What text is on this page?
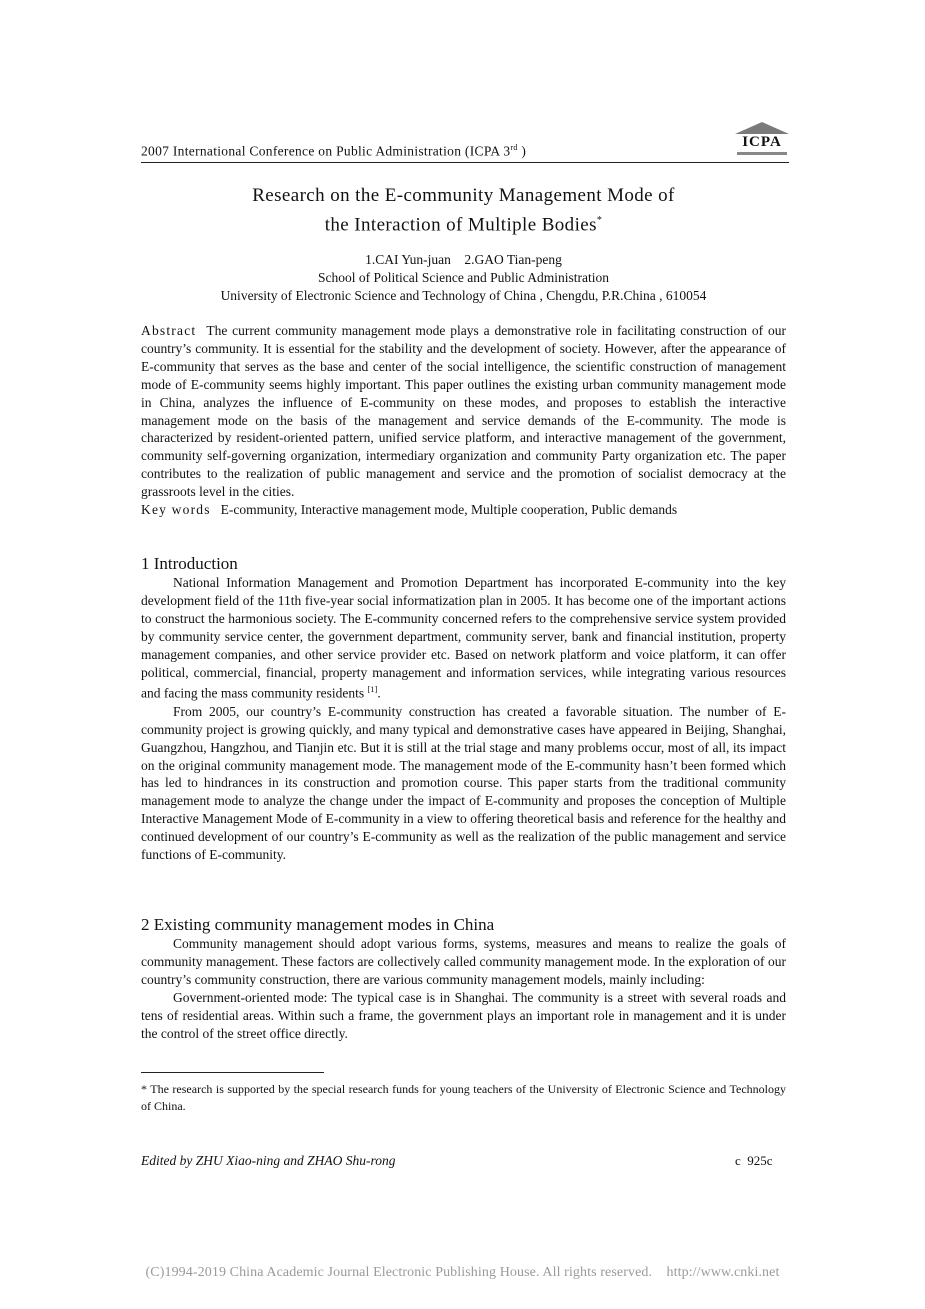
2007 International Conference on Public Administration (ICPA 3rd )
ICPA
Research on the E-community Management Mode of
the Interaction of Multiple Bodies*
1.CAI Yun-juan    2.GAO Tian-peng
School of Political Science and Public Administration
University of Electronic Science and Technology of China , Chengdu, P.R.China , 610054

Abstract The current community management mode plays a demonstrative role in facilitating construction of our country’s community. It is essential for the stability and the development of society. However, after the appearance of E-community that serves as the base and center of the social intelligence, the scientific construction of management mode of E-community seems highly important. This paper outlines the existing urban community management mode in China, analyzes the influence of E-community on these modes, and proposes to establish the interactive management mode on the basis of the management and service demands of the E-community. The mode is characterized by resident-oriented pattern, unified service platform, and interactive management of the government, community self-governing organization, intermediary organization and community Party organization etc. The paper contributes to the realization of public management and service and the promotion of socialist democracy at the grassroots level in the cities.

Key words E-community, Interactive management mode, Multiple cooperation, Public demands

1 Introduction

National Information Management and Promotion Department has incorporated E-community into the key development field of the 11th five-year social informatization plan in 2005. It has become one of the important actions to construct the harmonious society. The E-community concerned refers to the comprehensive service system provided by community service center, the government department, community server, bank and financial institution, property management companies, and other service provider etc. Based on network platform and voice platform, it can offer political, commercial, financial, property management and information services, while integrating various resources and facing the mass community residents [1].

From 2005, our country’s E-community construction has created a favorable situation. The number of E-community project is growing quickly, and many typical and demonstrative cases have appeared in Beijing, Shanghai, Guangzhou, Hangzhou, and Tianjin etc. But it is still at the trial stage and many problems occur, most of all, its impact on the original community management mode. The management mode of the E-community hasn’t been formed which has led to hindrances in its construction and promotion course. This paper starts from the traditional community management mode to analyze the change under the impact of E-community and proposes the conception of Multiple Interactive Management Mode of E-community in a view to offering theoretical basis and reference for the healthy and continued development of our country’s E-community as well as the realization of the public management and service functions of E-community.

2 Existing community management modes in China

Community management should adopt various forms, systems, measures and means to realize the goals of community management. These factors are collectively called community management mode. In the exploration of our country’s community construction, there are various community management models, mainly including:

Government-oriented mode: The typical case is in Shanghai. The community is a street with several roads and tens of residential areas. Within such a frame, the government plays an important role in management and it is under the control of the street office directly.

* The research is supported by the special research funds for young teachers of the University of Electronic Science and Technology of China.
Edited by ZHU Xiao-ning and ZHAO Shu-rong	c  925c
(C)1994-2019 China Academic Journal Electronic Publishing House. All rights reserved.    http://www.cnki.net
